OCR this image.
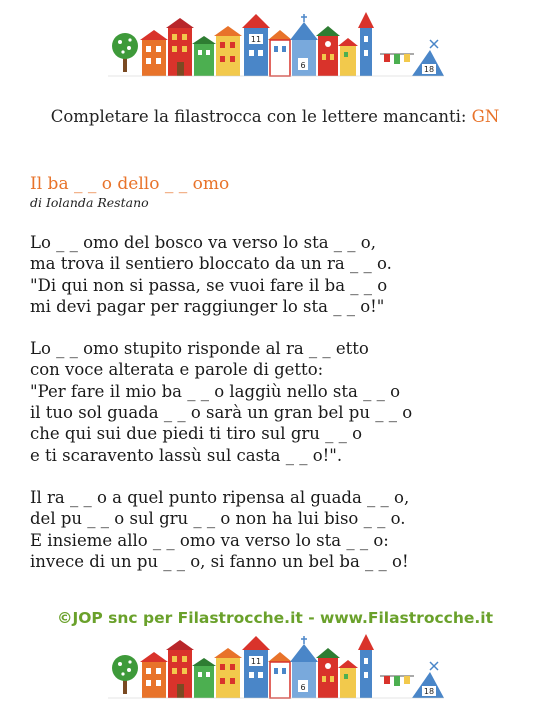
11
6	18
Completare la filastrocca con le lettere mancanti: GN
Il ba _ _ o dello _ _ omo
di Iolanda Restano
Lo _ _ omo del bosco va verso lo sta _ _ o,
ma trova il sentiero bloccato da un ra _ _ o.
"Di qui non si passa, se vuoi fare il ba _ _ o
mi devi pagar per raggiunger lo sta _ _ o!"
Lo _ _ omo stupito risponde al ra _ _ etto
con voce alterata e parole di getto:
"Per fare il mio ba _ _ o laggiù nello sta _ _ o
il tuo sol guada _ _ o sarà un gran bel pu _ _ o
che qui sui due piedi ti tiro sul gru _ _ o
e ti scaravento lassù sul casta _ _ o!".
Il ra _ _ o a quel punto ripensa al guada _ _ o,
del pu _ _ o sul gru _ _ o non ha lui biso _ _ o.
E insieme allo _ _ omo va verso lo sta _ _ o:
invece di un pu _ _ o, si fanno un bel ba _ _ o!
©JOP snc per Filastrocche.it - www.Filastrocche.it
11
6	18
